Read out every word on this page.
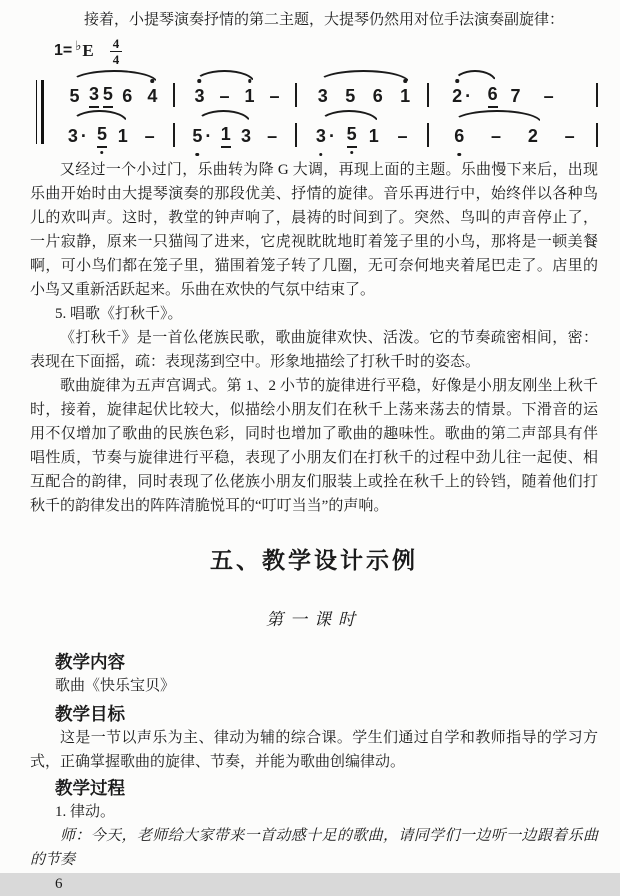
接着，小提琴演奏抒情的第二主题，大提琴仍然用对位手法演奏副旋律：

1= ♭ E $\frac{4}{4}$
5 3 5 6 4 3 – 1 – 3 5 6 1 2 · 6 7 –
3 · 5 1 – 5 · 1 3 – 3 · 5 1 –	6 – 2 –

又经过一个小过门，乐曲转为降 G 大调，再现上面的主题。乐曲慢下来后，出现乐曲开始时由大提琴演奏的那段优美、抒情的旋律。音乐再进行中，始终伴以各种鸟儿的欢叫声。这时，教堂的钟声响了，晨祷的时间到了。突然、鸟叫的声音停止了，一片寂静，原来一只猫闯了进来，它虎视眈眈地盯着笼子里的小鸟，那将是一顿美餐啊，可小鸟们都在笼子里，猫围着笼子转了几圈，无可奈何地夹着尾巴走了。店里的小鸟又重新活跃起来。乐曲在欢快的气氛中结束了。

5. 唱歌《打秋千》。

《打秋千》是一首仫佬族民歌，歌曲旋律欢快、活泼。它的节奏疏密相间，密：表现在下面摇，疏：表现荡到空中。形象地描绘了打秋千时的姿态。

歌曲旋律为五声宫调式。第 1、2 小节的旋律进行平稳，好像是小朋友刚坐上秋千时，接着，旋律起伏比较大，似描绘小朋友们在秋千上荡来荡去的情景。下滑音的运用不仅增加了歌曲的民族色彩，同时也增加了歌曲的趣味性。歌曲的第二声部具有伴唱性质，节奏与旋律进行平稳，表现了小朋友们在打秋千的过程中劲儿往一起使、相互配合的韵律，同时表现了仫佬族小朋友们服装上或拴在秋千上的铃铛，随着他们打秋千的韵律发出的阵阵清脆悦耳的“叮叮当当”的声响。

五、教学设计示例
第一课时
教学内容

歌曲《快乐宝贝》

教学目标

这是一节以声乐为主、律动为辅的综合课。学生们通过自学和教师指导的学习方式，正确掌握歌曲的旋律、节奏，并能为歌曲创编律动。

教学过程

1. 律动。

师：今天，老师给大家带来一首动感十足的歌曲，请同学们一边听一边跟着乐曲的节奏

6
